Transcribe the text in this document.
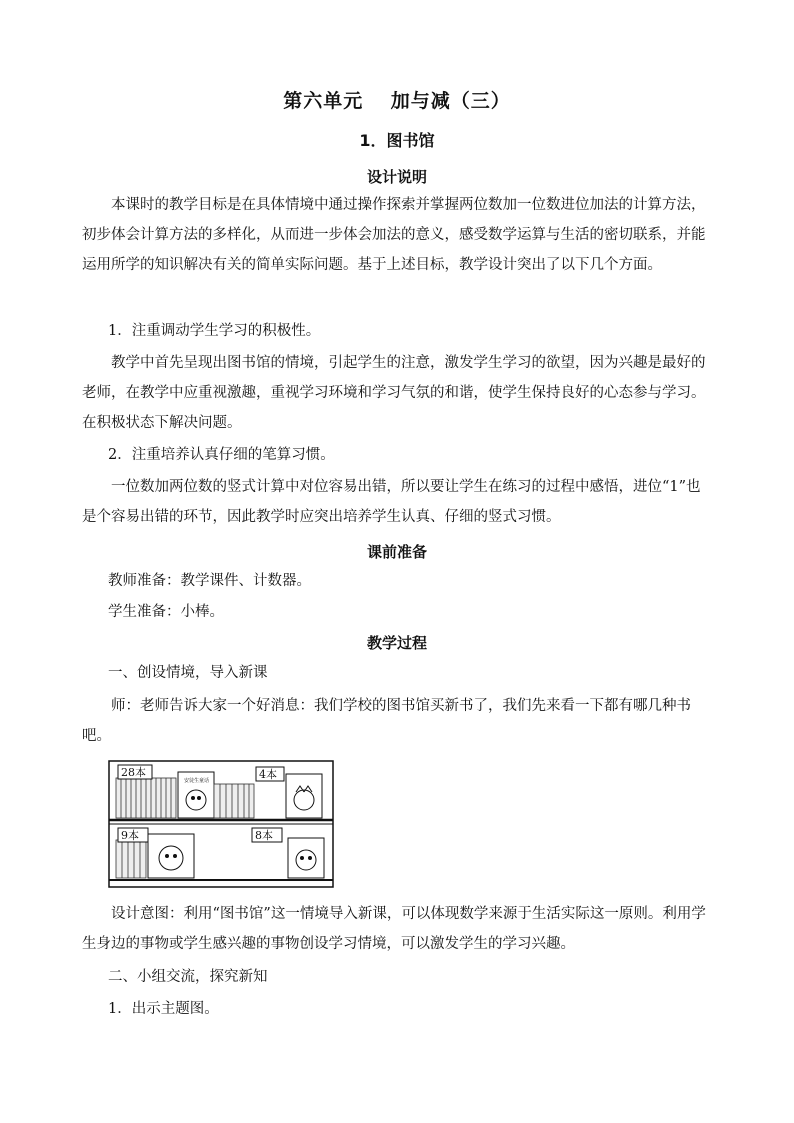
第六单元　 加与减（三）
1．图书馆
设计说明

本课时的教学目标是在具体情境中通过操作探索并掌握两位数加一位数进位加法的计算方法，初步体会计算方法的多样化，从而进一步体会加法的意义，感受数学运算与生活的密切联系，并能运用所学的知识解决有关的简单实际问题。基于上述目标，教学设计突出了以下几个方面。

1．注重调动学生学习的积极性。

教学中首先呈现出图书馆的情境，引起学生的注意，激发学生学习的欲望，因为兴趣是最好的老师，在教学中应重视激趣，重视学习环境和学习气氛的和谐，使学生保持良好的心态参与学习。在积极状态下解决问题。

2．注重培养认真仔细的笔算习惯。

一位数加两位数的竖式计算中对位容易出错，所以要让学生在练习的过程中感悟，进位“1”也是个容易出错的环节，因此教学时应突出培养学生认真、仔细的竖式习惯。

课前准备

教师准备：教学课件、计数器。

学生准备：小棒。

教学过程

一、创设情境，导入新课

师：老师告诉大家一个好消息：我们学校的图书馆买新书了，我们先来看一下都有哪几种书吧。

安徒生童话
28本	4本
9本	8本

设计意图：利用“图书馆”这一情境导入新课，可以体现数学来源于生活实际这一原则。利用学生身边的事物或学生感兴趣的事物创设学习情境，可以激发学生的学习兴趣。

二、小组交流，探究新知

1．出示主题图。
